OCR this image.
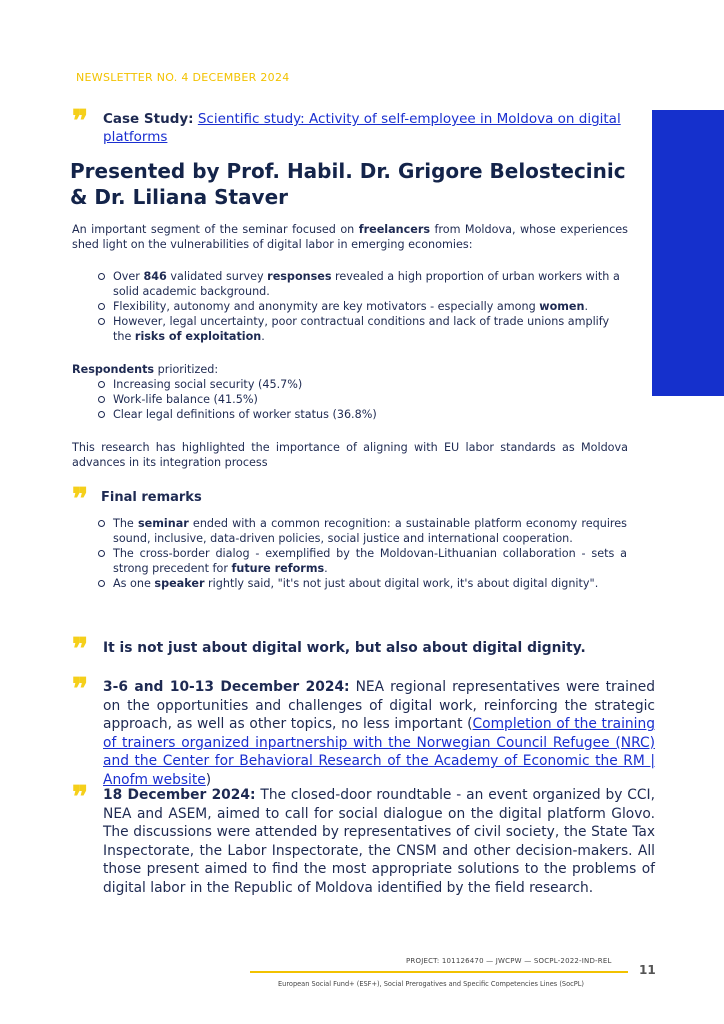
NEWSLETTER NO. 4 DECEMBER 2024
❞ Case Study: Scientific study: Activity of self-employee in Moldova on digital platforms
Presented by Prof. Habil. Dr. Grigore Belostecinic & Dr. Liliana Staver
An important segment of the seminar focused on freelancers from Moldova, whose experiences shed light on the vulnerabilities of digital labor in emerging economies:
Over 846 validated survey responses revealed a high proportion of urban workers with a solid academic background.
Flexibility, autonomy and anonymity are key motivators - especially among women.
However, legal uncertainty, poor contractual conditions and lack of trade unions amplify the risks of exploitation.
Respondents prioritized:
Increasing social security (45.7%)
Work-life balance (41.5%)
Clear legal definitions of worker status (36.8%)
This research has highlighted the importance of aligning with EU labor standards as Moldova advances in its integration process
❞ Final remarks
The seminar ended with a common recognition: a sustainable platform economy requires sound, inclusive, data-driven policies, social justice and international cooperation.
The cross-border dialog - exemplified by the Moldovan-Lithuanian collaboration - sets a strong precedent for future reforms.
As one speaker rightly said, "it's not just about digital work, it's about digital dignity".
❞ It is not just about digital work, but also about digital dignity.
❞ 3-6 and 10-13 December 2024: NEA regional representatives were trained on the opportunities and challenges of digital work, reinforcing the strategic approach, as well as other topics, no less important (Completion of the training of trainers organized inpartnership with the Norwegian Council Refugee (NRC) and the Center for Behavioral Research of the Academy of Economic the RM | Anofm website)
❞ 18 December 2024: The closed-door roundtable - an event organized by CCI, NEA and ASEM, aimed to call for social dialogue on the digital platform Glovo. The discussions were attended by representatives of civil society, the State Tax Inspectorate, the Labor Inspectorate, the CNSM and other decision-makers. All those present aimed to find the most appropriate solutions to the problems of digital labor in the Republic of Moldova identified by the field research.
PROJECT: 101126470 — JWCPW — SOCPL-2022-IND-REL
European Social Fund+ (ESF+), Social Prerogatives and Specific Competencies Lines (SocPL)
11
